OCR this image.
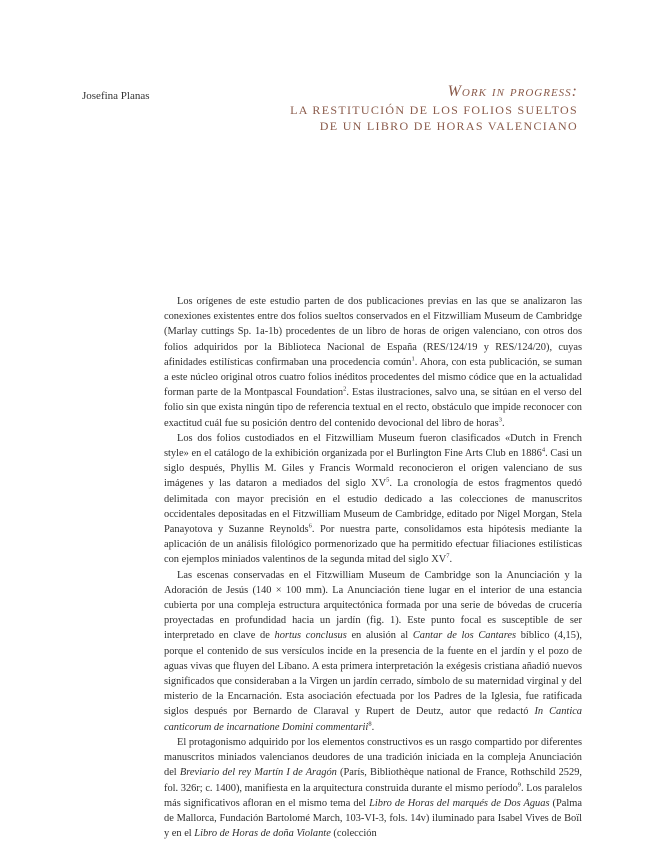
Josefina Planas	Work in progress:
LA RESTITUCIÓN DE LOS FOLIOS SUELTOS
DE UN LIBRO DE HORAS VALENCIANO

Los orígenes de este estudio parten de dos publicaciones previas en las que se analizaron las conexiones existentes entre dos folios sueltos conservados en el Fitzwilliam Museum de Cambridge (Marlay cuttings Sp. 1a-1b) procedentes de un libro de horas de origen valenciano, con otros dos folios adquiridos por la Biblioteca Nacional de España (RES/124/19 y RES/124/20), cuyas afinidades estilísticas confirmaban una procedencia común$^1$. Ahora, con esta publicación, se suman a este núcleo original otros cuatro folios inéditos procedentes del mismo códice que en la actualidad forman parte de la Montpascal Foundation$^2$. Estas ilustraciones, salvo una, se sitúan en el verso del folio sin que exista ningún tipo de referencia textual en el recto, obstáculo que impide reconocer con exactitud cuál fue su posición dentro del contenido devocional del libro de horas$^3$.

Los dos folios custodiados en el Fitzwilliam Museum fueron clasificados «Dutch in French style» en el catálogo de la exhibición organizada por el Burlington Fine Arts Club en 1886$^4$. Casi un siglo después, Phyllis M. Giles y Francis Wormald reconocieron el origen valenciano de sus imágenes y las dataron a mediados del siglo $XV^5$. La cronología de estos fragmentos quedó delimitada con mayor precisión en el estudio dedicado a las colecciones de manuscritos occidentales depositadas en el Fitzwilliam Museum de Cambridge, editado por Nigel Morgan, Stela Panayotova y Suzanne Reynolds$^6$. Por nuestra parte, consolidamos esta hipótesis mediante la aplicación de un análisis filológico pormenorizado que ha permitido efectuar filiaciones estilísticas con ejemplos miniados valentinos de la segunda mitad del siglo $XV^7$.

Las escenas conservadas en el Fitzwilliam Museum de Cambridge son la Anunciación y la Adoración de Jesús (140 × 100 mm). La Anunciación tiene lugar en el interior de una estancia cubierta por una compleja estructura arquitectónica formada por una serie de bóvedas de crucería proyectadas en profundidad hacia un jardín (fig. 1). Este punto focal es susceptible de ser interpretado en clave de hortus conclusus en alusión al Cantar de los Cantares bíblico (4,15), porque el contenido de sus versículos incide en la presencia de la fuente en el jardín y el pozo de aguas vivas que fluyen del Líbano. A esta primera interpretación la exégesis cristiana añadió nuevos significados que consideraban a la Virgen un jardín cerrado, símbolo de su maternidad virginal y del misterio de la Encarnación. Esta asociación efectuada por los Padres de la Iglesia, fue ratificada siglos después por Bernardo de Claraval y Rupert de Deutz, autor que redactó In Cantica canticorum de incarnatione Domini commentarii$^8$.

El protagonismo adquirido por los elementos constructivos es un rasgo compartido por diferentes manuscritos miniados valencianos deudores de una tradición iniciada en la compleja Anunciación del Breviario del rey Martín I de Aragón (París, Bibliothèque national de France, Rothschild 2529, fol. 326r; c. 1400), manifiesta en la arquitectura construida durante el mismo período$^9$. Los paralelos más significativos afloran en el mismo tema del Libro de Horas del marqués de Dos Aguas (Palma de Mallorca, Fundación Bartolomé March, 103-VI-3, fols. 14v) iluminado para Isabel Vives de Boïl y en el Libro de Horas de doña Violante (colección
